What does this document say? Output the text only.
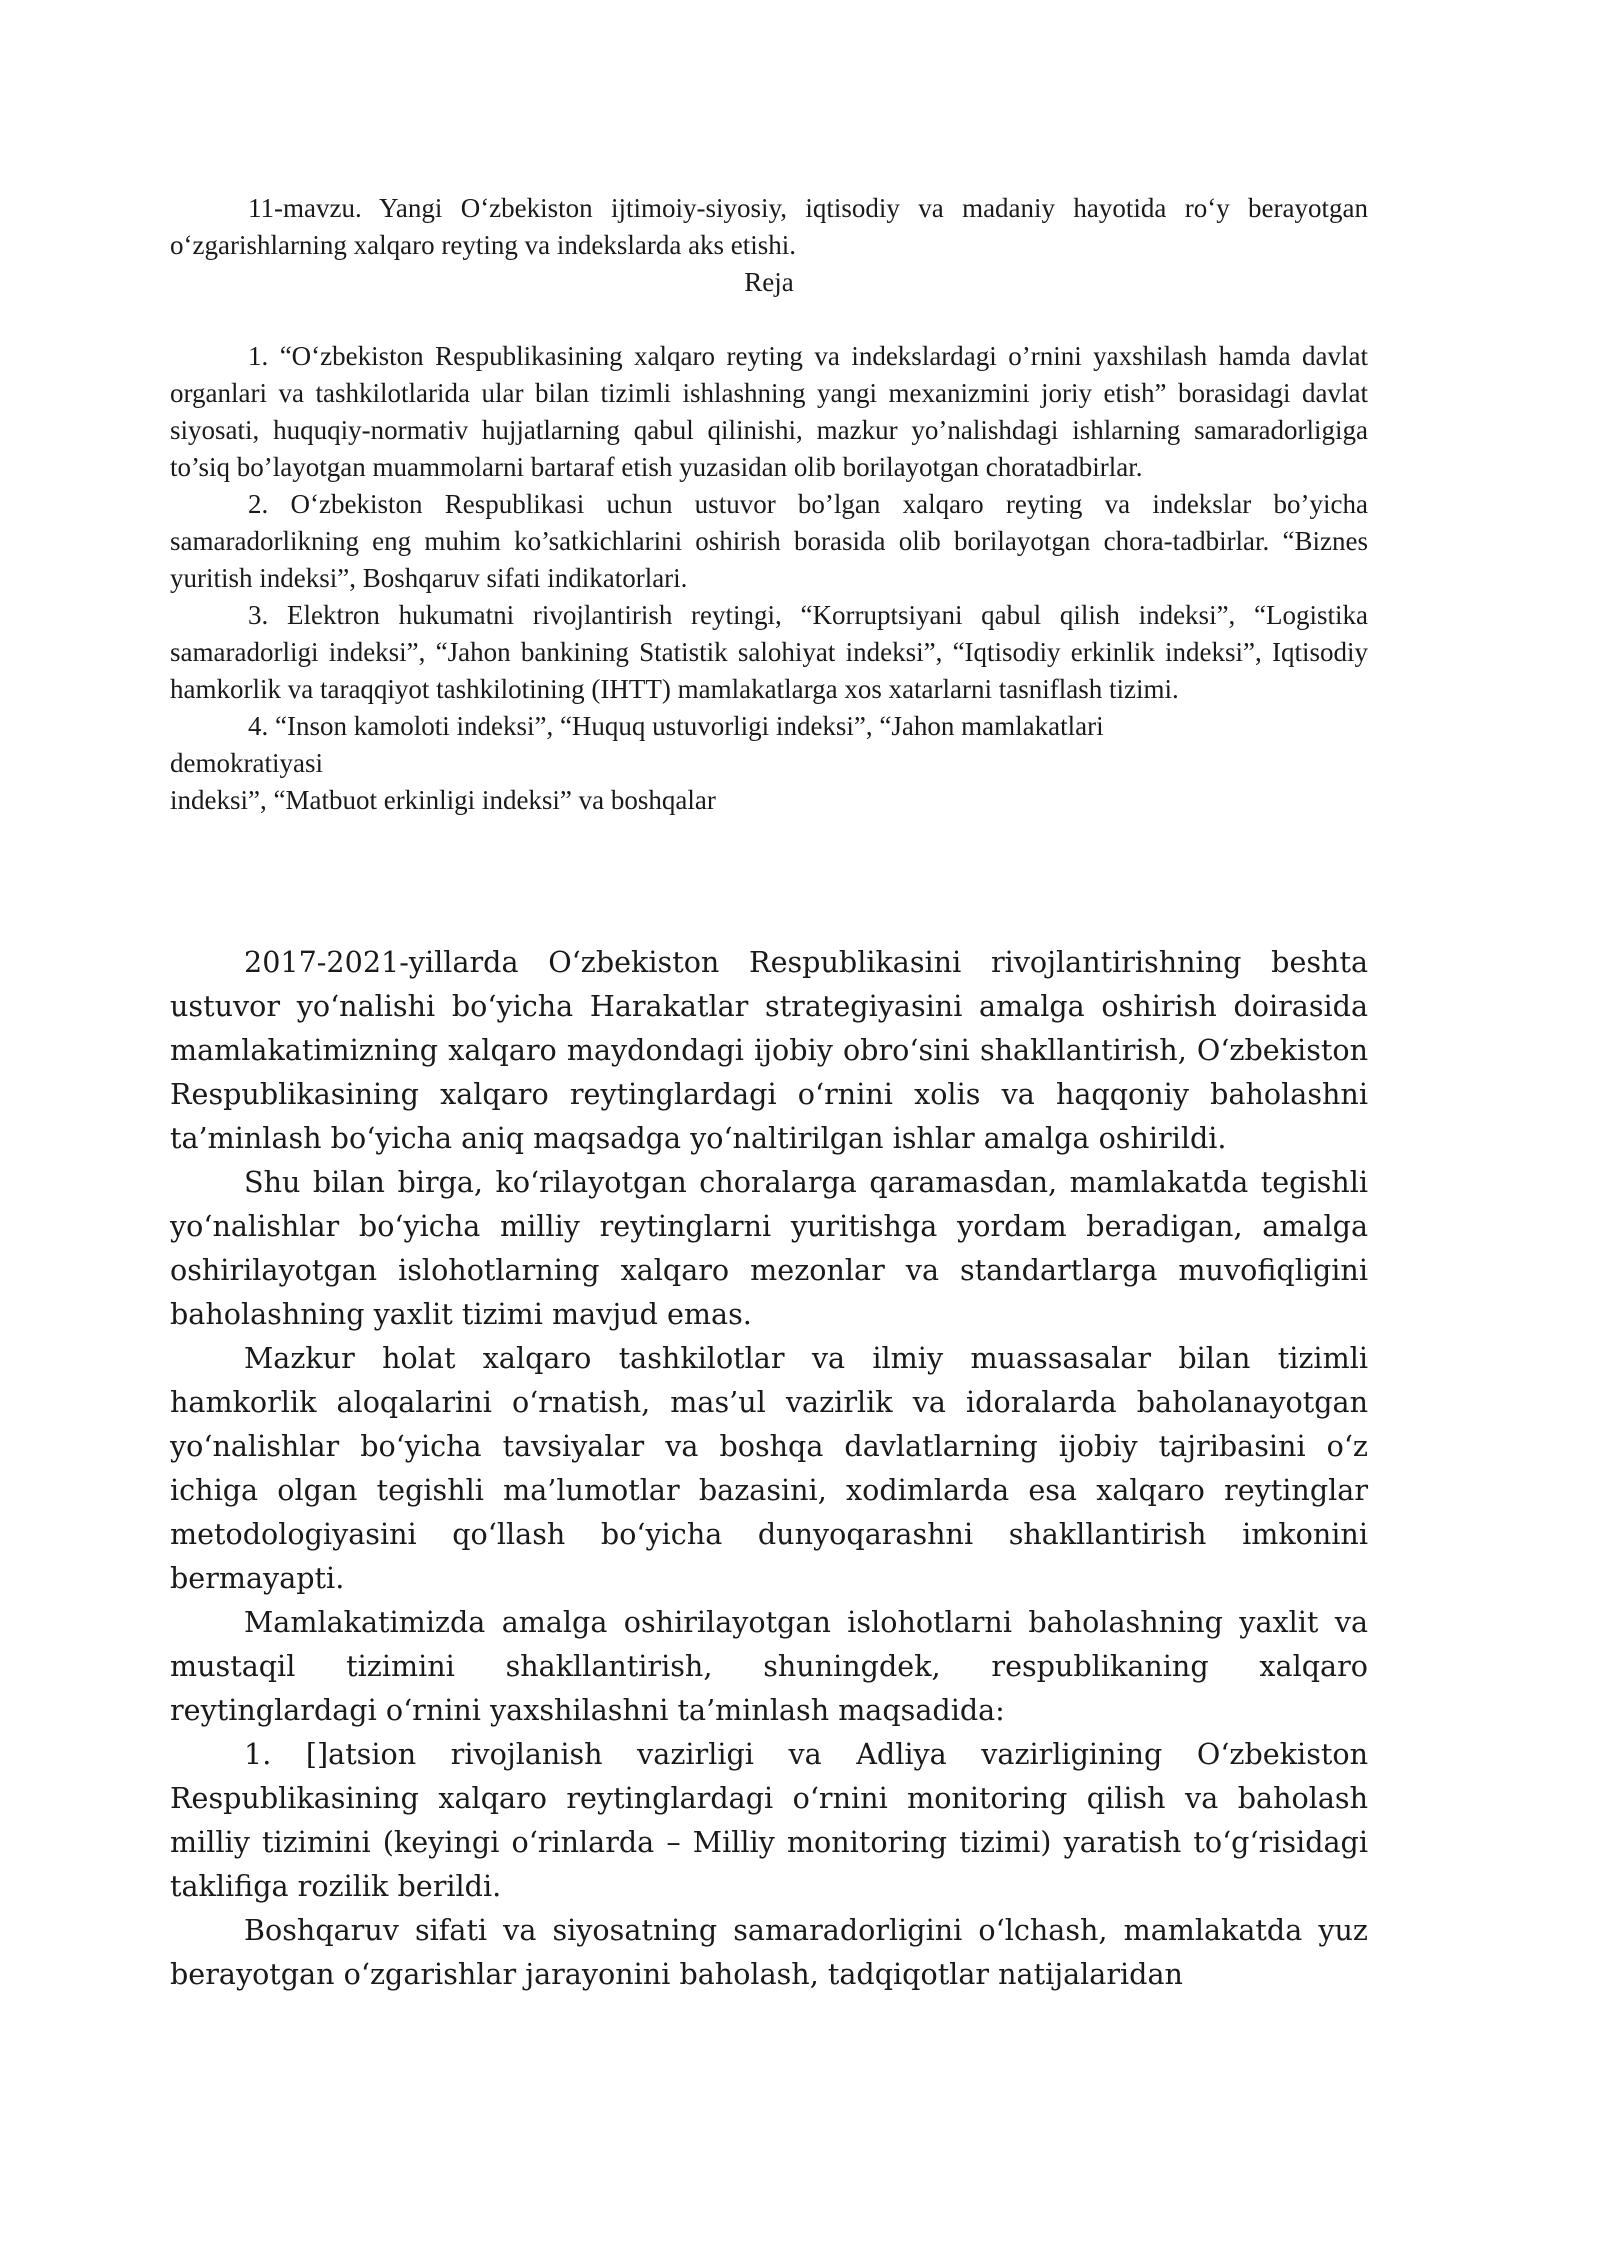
11-mavzu. Yangi O‘zbekiston ijtimoiy-siyosiy, iqtisodiy va madaniy hayotida ro‘y berayotgan o‘zgarishlarning xalqaro reyting va indekslarda aks etishi.

Reja

1. “O‘zbekiston Respublikasining xalqaro reyting va indekslardagi o’rnini yaxshilash hamda davlat organlari va tashkilotlarida ular bilan tizimli ishlashning yangi mexanizmini joriy etish” borasidagi davlat siyosati, huquqiy-normativ hujjatlarning qabul qilinishi, mazkur yo’nalishdagi ishlarning samaradorligiga to’siq bo’layotgan muammolarni bartaraf etish yuzasidan olib borilayotgan choratadbirlar.

2. O‘zbekiston Respublikasi uchun ustuvor bo’lgan xalqaro reyting va indekslar bo’yicha samaradorlikning eng muhim ko’satkichlarini oshirish borasida olib borilayotgan chora-tadbirlar. “Biznes yuritish indeksi”, Boshqaruv sifati indikatorlari.

3. Elektron hukumatni rivojlantirish reytingi, “Korruptsiyani qabul qilish indeksi”, “Logistika samaradorligi indeksi”, “Jahon bankining Statistik salohiyat indeksi”, “Iqtisodiy erkinlik indeksi”, Iqtisodiy hamkorlik va taraqqiyot tashkilotining (IHTT) mamlakatlarga xos xatarlarni tasniflash tizimi.

4. “Inson kamoloti indeksi”, “Huquq ustuvorligi indeksi”, “Jahon mamlakatlari

demokratiyasi

indeksi”, “Matbuot erkinligi indeksi” va boshqalar

2017-2021-yillarda O‘zbekiston Respublikasini rivojlantirishning beshta ustuvor yo‘nalishi bo‘yicha Harakatlar strategiyasini amalga oshirish doirasida mamlakatimizning xalqaro maydondagi ijobiy obro‘sini shakllantirish, O‘zbekiston Respublikasining xalqaro reytinglardagi o‘rnini xolis va haqqoniy baholashni ta’minlash bo‘yicha aniq maqsadga yo‘naltirilgan ishlar amalga oshirildi.

Shu bilan birga, ko‘rilayotgan choralarga qaramasdan, mamlakatda tegishli yo‘nalishlar bo‘yicha milliy reytinglarni yuritishga yordam beradigan, amalga oshirilayotgan islohotlarning xalqaro mezonlar va standartlarga muvofiqligini baholashning yaxlit tizimi mavjud emas.

Mazkur holat xalqaro tashkilotlar va ilmiy muassasalar bilan tizimli hamkorlik aloqalarini o‘rnatish, mas’ul vazirlik va idoralarda baholanayotgan yo‘nalishlar bo‘yicha tavsiyalar va boshqa davlatlarning ijobiy tajribasini o‘z ichiga olgan tegishli ma’lumotlar bazasini, xodimlarda esa xalqaro reytinglar metodologiyasini qo‘llash bo‘yicha dunyoqarashni shakllantirish imkonini bermayapti.

Mamlakatimizda amalga oshirilayotgan islohotlarni baholashning yaxlit va mustaqil tizimini shakllantirish, shuningdek, respublikaning xalqaro reytinglardagi o‘rnini yaxshilashni ta’minlash maqsadida:

1. []atsion rivojlanish vazirligi va Adliya vazirligining O‘zbekiston Respublikasining xalqaro reytinglardagi o‘rnini monitoring qilish va baholash milliy tizimini (keyingi o‘rinlarda – Milliy monitoring tizimi) yaratish to‘g‘risidagi taklifiga rozilik berildi.

Boshqaruv sifati va siyosatning samaradorligini o‘lchash, mamlakatda yuz berayotgan o‘zgarishlar jarayonini baholash, tadqiqotlar natijalaridan
